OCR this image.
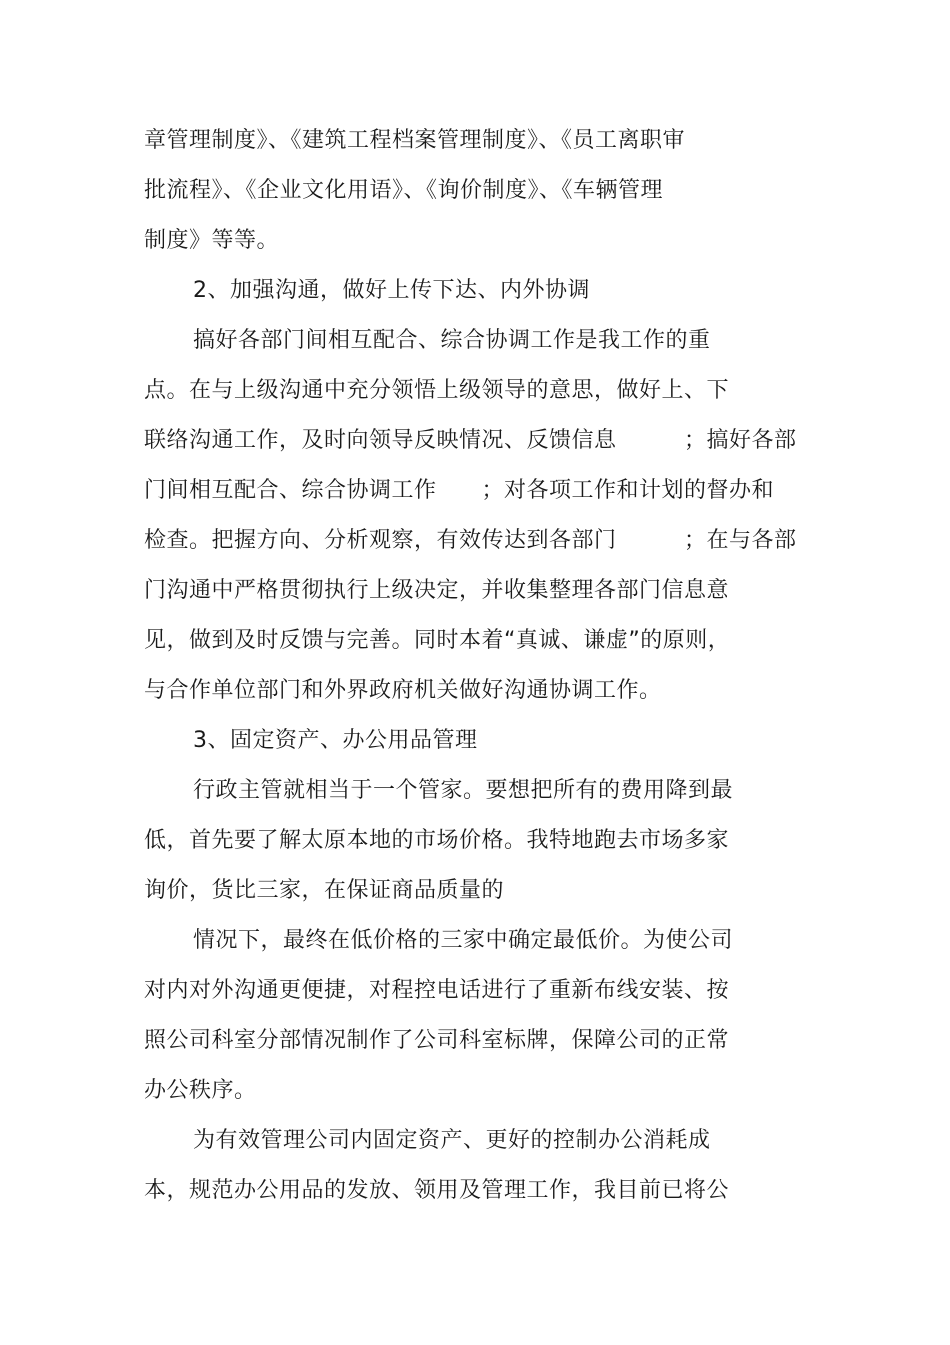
章管理制度》、《建筑工程档案管理制度》、《员工离职审
批流程》、《企业文化用语》、《询价制度》、《车辆管理
制度》等等。
2、加强沟通，做好上传下达、内外协调
搞好各部门间相互配合、综合协调工作是我工作的重
点。在与上级沟通中充分领悟上级领导的意思，做好上、下
联络沟通工作，及时向领导反映情况、反馈信息　　　；搞好各部
门间相互配合、综合协调工作　　；对各项工作和计划的督办和
检查。把握方向、分析观察，有效传达到各部门　　　；在与各部
门沟通中严格贯彻执行上级决定，并收集整理各部门信息意
见，做到及时反馈与完善。同时本着“真诚、谦虚”的原则，
与合作单位部门和外界政府机关做好沟通协调工作。
3、固定资产、办公用品管理
行政主管就相当于一个管家。要想把所有的费用降到最
低，首先要了解太原本地的市场价格。我特地跑去市场多家
询价，货比三家，在保证商品质量的
情况下，最终在低价格的三家中确定最低价。为使公司
对内对外沟通更便捷，对程控电话进行了重新布线安装、按
照公司科室分部情况制作了公司科室标牌，保障公司的正常
办公秩序。
为有效管理公司内固定资产、更好的控制办公消耗成
本，规范办公用品的发放、领用及管理工作，我目前已将公
